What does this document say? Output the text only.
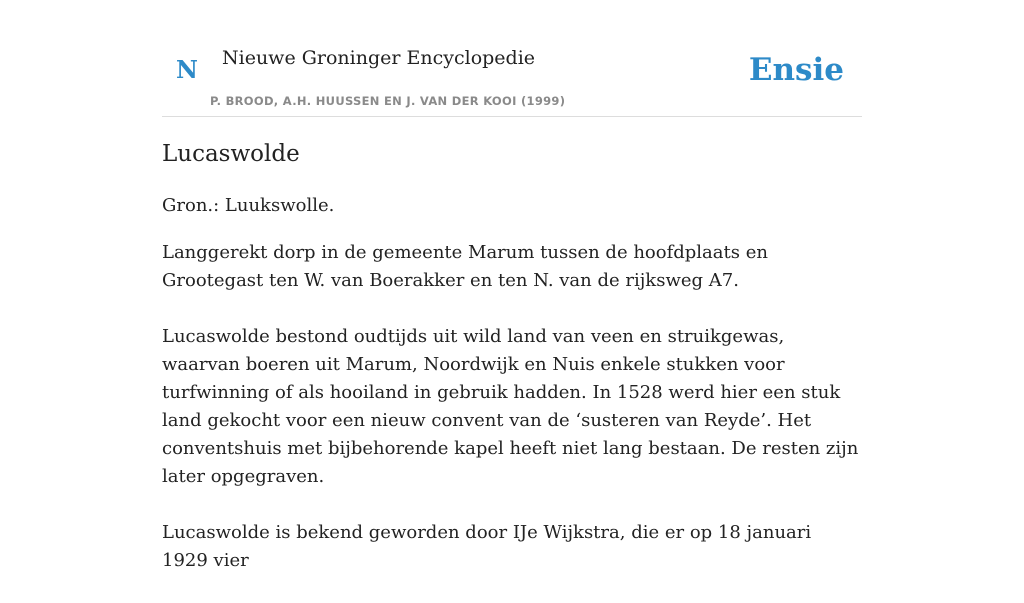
N Nieuwe Groninger Encyclopedie
P. BROOD, A.H. HUUSSEN EN J. VAN DER KOOI (1999)
Ensie
Lucaswolde

Gron.: Luukswolle.

Langgerekt dorp in de gemeente Marum tussen de hoofdplaats en Grootegast ten W. van Boerakker en ten N. van de rijksweg A7.

Lucaswolde bestond oudtijds uit wild land van veen en struikgewas, waarvan boeren uit Marum, Noordwijk en Nuis enkele stukken voor turfwinning of als hooiland in gebruik hadden. In 1528 werd hier een stuk land gekocht voor een nieuw convent van de ‘susteren van Reyde’. Het conventshuis met bijbehorende kapel heeft niet lang bestaan. De resten zijn later opgegraven.

Lucaswolde is bekend geworden door IJe Wijkstra, die er op 18 januari 1929 vier
